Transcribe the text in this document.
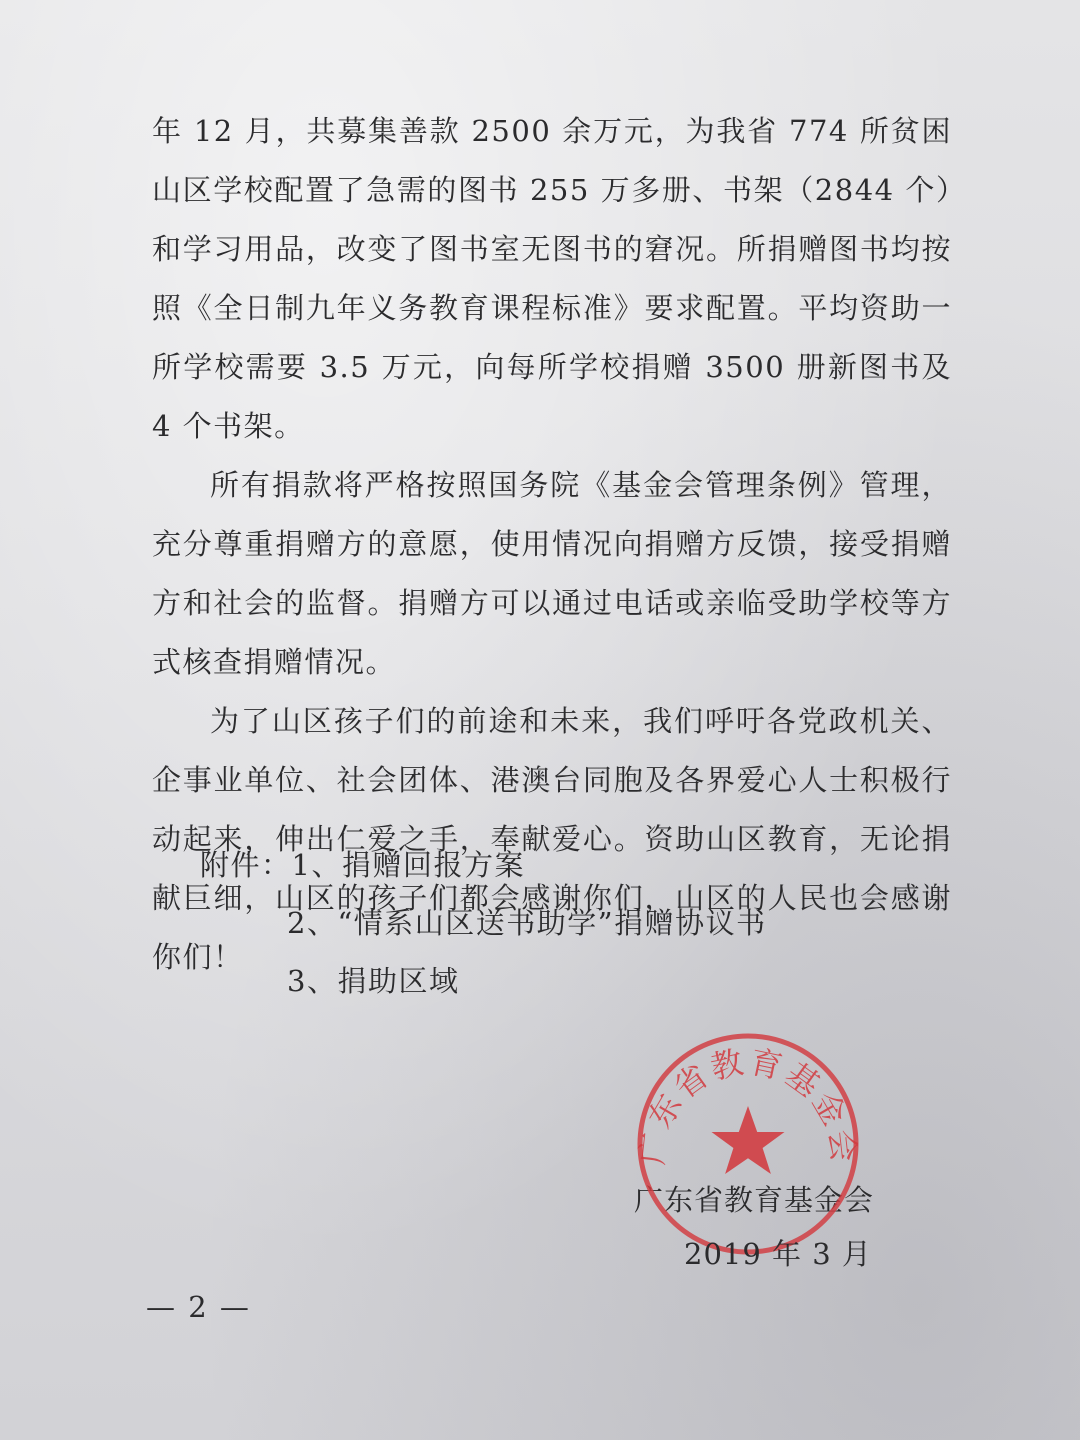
年 12 月，共募集善款 2500 余万元，为我省 774 所贫困山区学校配置了急需的图书 255 万多册、书架（2844 个）和学习用品，改变了图书室无图书的窘况。所捐赠图书均按照《全日制九年义务教育课程标准》要求配置。平均资助一所学校需要 3.5 万元，向每所学校捐赠 3500 册新图书及 4 个书架。

所有捐款将严格按照国务院《基金会管理条例》管理，充分尊重捐赠方的意愿，使用情况向捐赠方反馈，接受捐赠方和社会的监督。捐赠方可以通过电话或亲临受助学校等方式核查捐赠情况。

为了山区孩子们的前途和未来，我们呼吁各党政机关、企事业单位、社会团体、港澳台同胞及各界爱心人士积极行动起来，伸出仁爱之手，奉献爱心。资助山区教育，无论捐献巨细，山区的孩子们都会感谢你们，山区的人民也会感谢你们！

附件：1、捐赠回报方案
2、“情系山区送书助学”捐赠协议书
3、捐助区域
广东省教育基金会
广东省教育基金会
2019 年 3 月
— 2 —
